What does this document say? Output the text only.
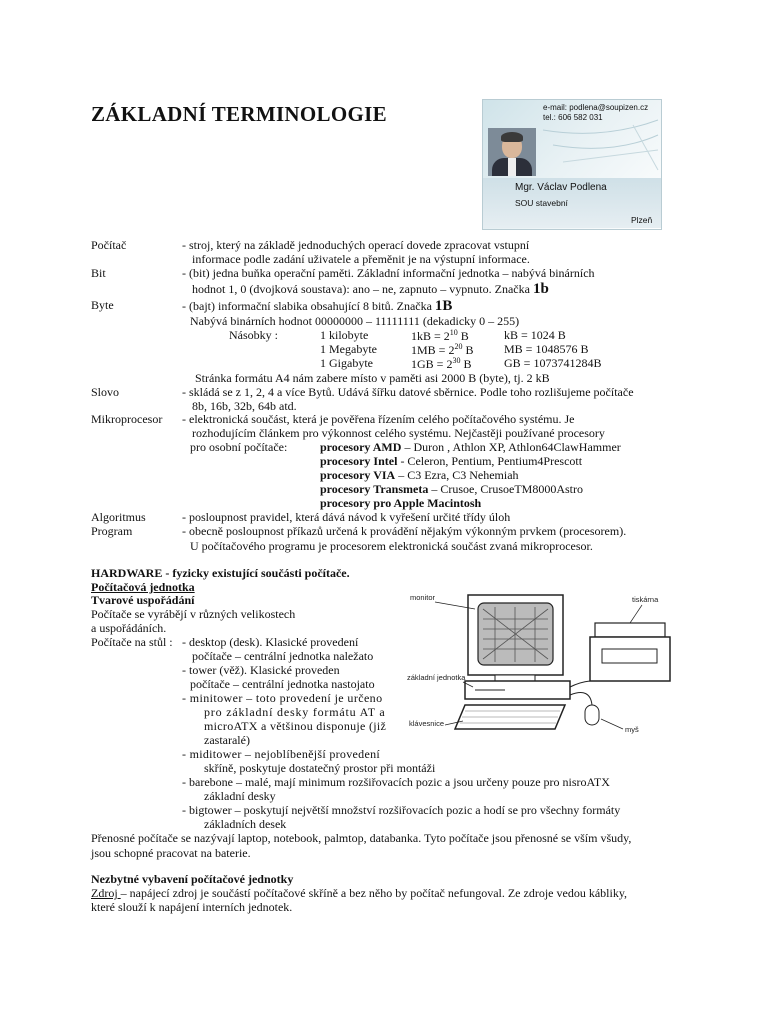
ZÁKLADNÍ TERMINOLOGIE	e-mail: podlena@soupizen.cz
tel.: 606 582 031
Mgr. Václav Podlena
SOU stavební
Plzeň
Počítač	- stroj, který na základě jednoduchých operací dovede zpracovat vstupní
informace podle zadání uživatele a přeměnit je na výstupní informace.
Bit	- (bit) jedna buňka operační paměti. Základní informační jednotka – nabývá binárních
hodnot 1, 0 (dvojková soustava): ano – ne, zapnuto – vypnuto. Značka 1b
Byte	- (bajt) informační slabika obsahující 8 bitů. Značka 1B
Nabývá binárních hodnot 00000000 – 11111111 (dekadicky 0 – 255)
Násobky :	1 kilobyte	$1kB = 2^{10}$ B	kB = 1024 B
1 Megabyte	$1MB = 2^{20}$ B	MB = 1048576 B
1 Gigabyte	$1GB = 2^{30}$ B	GB = 1073741284B
Stránka formátu A4 nám zabere místo v paměti asi 2000 B (byte), tj. 2 kB
Slovo	- skládá se z 1, 2, 4 a více Bytů. Udává šířku datové sběrnice. Podle toho rozlišujeme počítače
8b, 16b, 32b, 64b atd.
Mikroprocesor - elektronická součást, která je pověřena řízením celého počítačového systému. Je
rozhodujícím článkem pro výkonnost celého systému. Nejčastěji používané procesory
pro osobní počítače:	procesory AMD – Duron , Athlon XP, Athlon64ClawHammer
procesory Intel - Celeron, Pentium, Pentium4Prescott
procesory VIA – C3 Ezra, C3 Nehemiah
procesory Transmeta – Crusoe, CrusoeTM8000Astro
procesory pro Apple Macintosh
Algoritmus	- posloupnost pravidel, která dává návod k vyřešení určité třídy úloh
Program	- obecně posloupnost příkazů určená k provádění nějakým výkonným prvkem (procesorem).
U počítačového programu je procesorem elektronická součást zvaná mikroprocesor.
HARDWARE - fyzicky existující součásti počítače.
Počítačová jednotka
Tvarové uspořádání
Počítače se vyrábějí v různých velikostech
a uspořádáních.
Počítače na stůl : - desktop (desk). Klasické provedení
počítače – centrální jednotka naležato
- tower (věž). Klasické proveden
počítače – centrální jednotka nastojato
- minitower – toto provedení je určeno
pro základní desky formátu AT a
microATX a většinou disponuje (již
zastaralé)
- miditower – nejoblíbenější provedení
skříně, poskytuje dostatečný prostor při montáži
- barebone – malé, mají minimum rozšiřovacích pozic a jsou určeny pouze pro nisroATX
základní desky
- bigtower – poskytují největší množství rozšiřovacích pozic a hodí se pro všechny formáty
základních desek
Přenosné počítače se nazývají laptop, notebook, palmtop, databanka. Tyto počítače jsou přenosné se vším všudy,
jsou schopné pracovat na baterie.
monitor	tiskárna
základní jednotka
klávesnice
myš
Nezbytné vybavení počítačové jednotky
Zdroj – napájecí zdroj je součástí počítačové skříně a bez něho by počítač nefungoval. Ze zdroje vedou kábliky,
které slouží k napájení interních jednotek.
